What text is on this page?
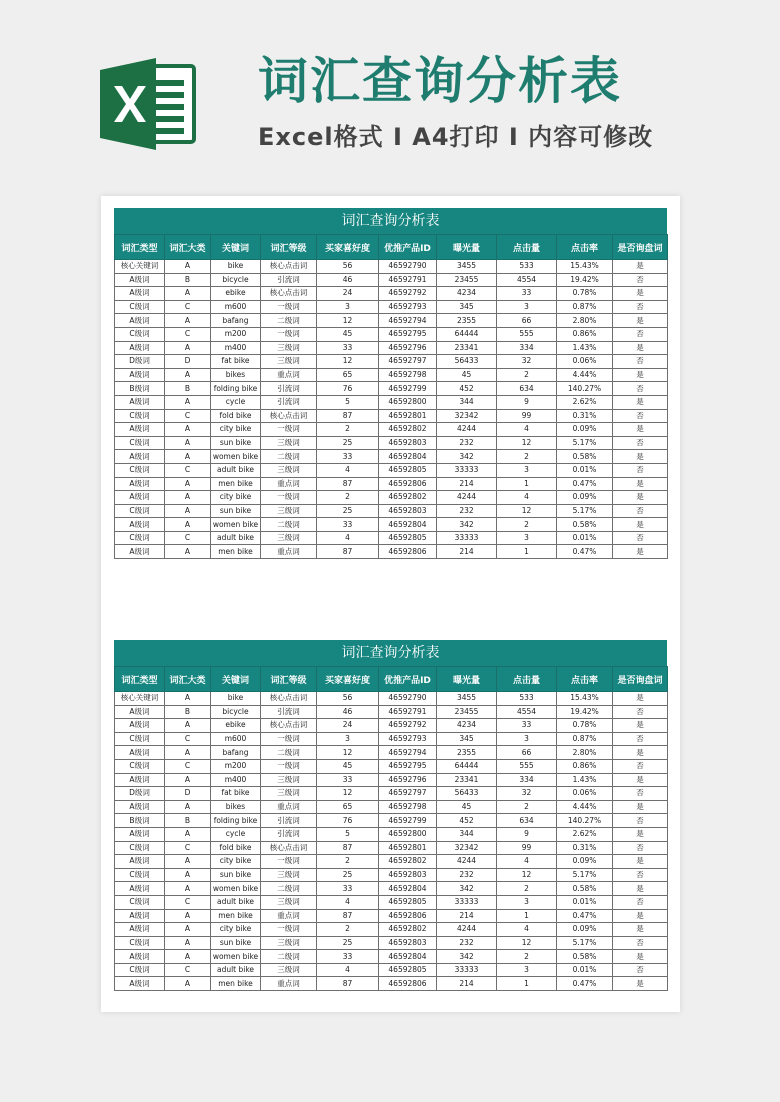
词汇查询分析表
Excel格式 I A4打印 I 内容可修改
词汇查询分析表
词汇类型	词汇大类	关键词	词汇等级	买家喜好度	优推产品ID	曝光量	点击量	点击率	是否询盘词
核心关键词	A	bike	核心点击词	56	46592790	3455	533	15.43%	是
A级词	B	bicycle	引流词	46	46592791	23455	4554	19.42%	否
A级词	A	ebike	核心点击词	24	46592792	4234	33	0.78%	是
C级词	C	m600	一级词	3	46592793	345	3	0.87%	否
A级词	A	bafang	二级词	12	46592794	2355	66	2.80%	是
C级词	C	m200	一级词	45	46592795	64444	555	0.86%	否
A级词	A	m400	三级词	33	46592796	23341	334	1.43%	是
D级词	D	fat bike	三级词	12	46592797	56433	32	0.06%	否
A级词	A	bikes	重点词	65	46592798	45	2	4.44%	是
B级词	B	folding bike	引流词	76	46592799	452	634	140.27%	否
A级词	A	cycle	引流词	5	46592800	344	9	2.62%	是
C级词	C	fold bike	核心点击词	87	46592801	32342	99	0.31%	否
A级词	A	city bike	一级词	2	46592802	4244	4	0.09%	是
C级词	A	sun bike	三级词	25	46592803	232	12	5.17%	否
A级词	A	women bike	二级词	33	46592804	342	2	0.58%	是
C级词	C	adult bike	三级词	4	46592805	33333	3	0.01%	否
A级词	A	men bike	重点词	87	46592806	214	1	0.47%	是
A级词	A	city bike	一级词	2	46592802	4244	4	0.09%	是
C级词	A	sun bike	三级词	25	46592803	232	12	5.17%	否
A级词	A	women bike	二级词	33	46592804	342	2	0.58%	是
C级词	C	adult bike	三级词	4	46592805	33333	3	0.01%	否
A级词	A	men bike	重点词	87	46592806	214	1	0.47%	是
词汇查询分析表
词汇类型	词汇大类	关键词	词汇等级	买家喜好度	优推产品ID	曝光量	点击量	点击率	是否询盘词
核心关键词	A	bike	核心点击词	56	46592790	3455	533	15.43%	是
A级词	B	bicycle	引流词	46	46592791	23455	4554	19.42%	否
A级词	A	ebike	核心点击词	24	46592792	4234	33	0.78%	是
C级词	C	m600	一级词	3	46592793	345	3	0.87%	否
A级词	A	bafang	二级词	12	46592794	2355	66	2.80%	是
C级词	C	m200	一级词	45	46592795	64444	555	0.86%	否
A级词	A	m400	三级词	33	46592796	23341	334	1.43%	是
D级词	D	fat bike	三级词	12	46592797	56433	32	0.06%	否
A级词	A	bikes	重点词	65	46592798	45	2	4.44%	是
B级词	B	folding bike	引流词	76	46592799	452	634	140.27%	否
A级词	A	cycle	引流词	5	46592800	344	9	2.62%	是
C级词	C	fold bike	核心点击词	87	46592801	32342	99	0.31%	否
A级词	A	city bike	一级词	2	46592802	4244	4	0.09%	是
C级词	A	sun bike	三级词	25	46592803	232	12	5.17%	否
A级词	A	women bike	二级词	33	46592804	342	2	0.58%	是
C级词	C	adult bike	三级词	4	46592805	33333	3	0.01%	否
A级词	A	men bike	重点词	87	46592806	214	1	0.47%	是
A级词	A	city bike	一级词	2	46592802	4244	4	0.09%	是
C级词	A	sun bike	三级词	25	46592803	232	12	5.17%	否
A级词	A	women bike	二级词	33	46592804	342	2	0.58%	是
C级词	C	adult bike	三级词	4	46592805	33333	3	0.01%	否
A级词	A	men bike	重点词	87	46592806	214	1	0.47%	是
